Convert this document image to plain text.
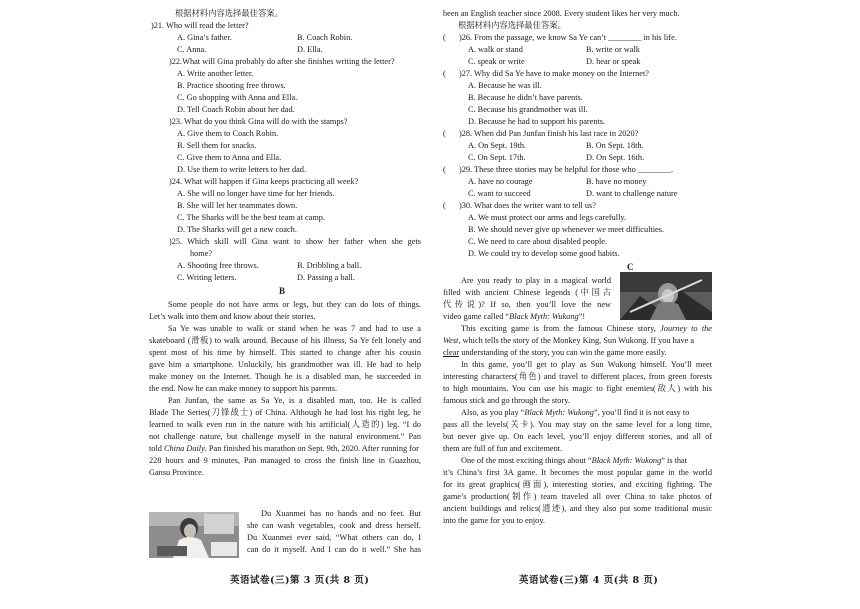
根据材料内容选择最佳答案。
)21. Who will read the letter?
A. Gina’s father.	B. Coach Robin.
C. Anna.	D. Ella.
)22.What will Gina probably do after she finishes writing the letter?
A. Write another letter.
B. Practice shooting free throws.
C. Go shopping with Anna and Ella.
D. Tell Coach Robin about her dad.
)23. What do you think Gina will do with the stamps?
A. Give them to Coach Robin.
B. Sell them for snacks.
C. Give them to Anna and Ella.
D. Use them to write letters to her dad.
)24. What will happen if Gina keeps practicing all week?
A. She will no longer have time for her friends.
B. She will let her teammates down.
C. The Sharks will be the best team at camp.
D. The Sharks will get a new coach.
)25. Which skill will Gina want to show her father when she gets
home?
A. Shooting free throws.	B. Dribbling a ball.
C. Writing letters.	D. Passing a ball.
B
Some people do not have arms or legs, but they can do lots of things.
Let’s walk into them and know about their stories.
Sa Ye was unable to walk or stand when he was 7 and had to use a
skateboard (滑板) to walk around. Because of his illness, Sa Ye felt lonely and
spent most of his time by himself. This started to change after his cousin
gave him a smartphone. Unluckily, his grandmother was ill. He had to help
make money on the Internet. Though he is a disabled man, he succeeded in
the end. Now he can make money to support his parents.
Pan Junfan, the same as Sa Ye, is a disabled man, too. He is called
Blade The Series(刀锋战士) of China. Although he had lost his right leg, he
learned to walk even run in the nature with his artificial(人造的) leg. “I do
not challenge nature, but challenge myself in the natural environment.” Pan
told China Daily. Pan finished his marathon on Sept. 9th, 2020. After running for
228 hours and 9 minutes, Pan managed to cross the finish line in Guazhou,
Gansu Province.
Du Xuanmei has no hands and no feet. But
she can wash vegetables, cook and dress herself.
Du Xuanmei ever said, “What others can do, I
can do it myself. And I can do it well.” She has
英语试卷(三)第 3 页(共 8 页)
been an English teacher since 2008. Every student likes her very much.
根据材料内容选择最佳答案。
( )26. From the passage, we know Sa Ye can’t ________ in his life.
A. walk or stand	B. write or walk
C. speak or write	D. hear or speak
( )27. Why did Sa Ye have to make money on the Internet?
A. Because he was ill.
B. Because he didn’t have parents.
C. Because his grandmother was ill.
D. Because he had to support his parents.
( )28. When did Pan Junfan finish his last race in 2020?
A. On Sept. 19th.	B. On Sept. 18th.
C. On Sept. 17th.	D. On Sept. 16th.
( )29. These three stories may be helpful for those who ________.
A. have no courage	B. have no money
C. want to succeed	D. want to challenge nature
( )30. What does the writer want to tell us?
A. We must protect our arms and legs carefully.
B. We should never give up whenever we meet difficulties.
C. We need to care about disabled people.
D. We could try to develop some good habits.
C
Are you ready to play in a magical world
filled with ancient Chinese legends (中国古
代传说)? If so, then you’ll love the new
video game called “Black Myth: Wukong”!
This exciting game is from the famous Chinese story, Journey to the
West, which tells the story of the Monkey King, Sun Wukong. If you have a
clear understanding of the story, you can win the game more easily.
In this game, you’ll get to play as Sun Wukong himself. You’ll meet
interesting characters(角色) and travel to different places, from green forests
to high mountains. You can use his magic to fight enemies(敌人) with his
famous stick and go through the story.
Also, as you play “Black Myth: Wukong”, you’ll find it is not easy to
pass all the levels(关卡). You may stay on the same level for a long time,
but never give up. On each level, you’ll enjoy different stories, and all of
them are full of fun and excitement.
One of the most exciting things about “Black Myth: Wukong” is that
it’s China’s first 3A game. It becomes the most popular game in the world
for its great graphics(画面), interesting stories, and exciting fighting. The
game’s production(制作) team traveled all over China to take photos of
ancient buildings and relics(遗迹), and they also put some traditional music
into the game for you to enjoy.
英语试卷(三)第 4 页(共 8 页)
